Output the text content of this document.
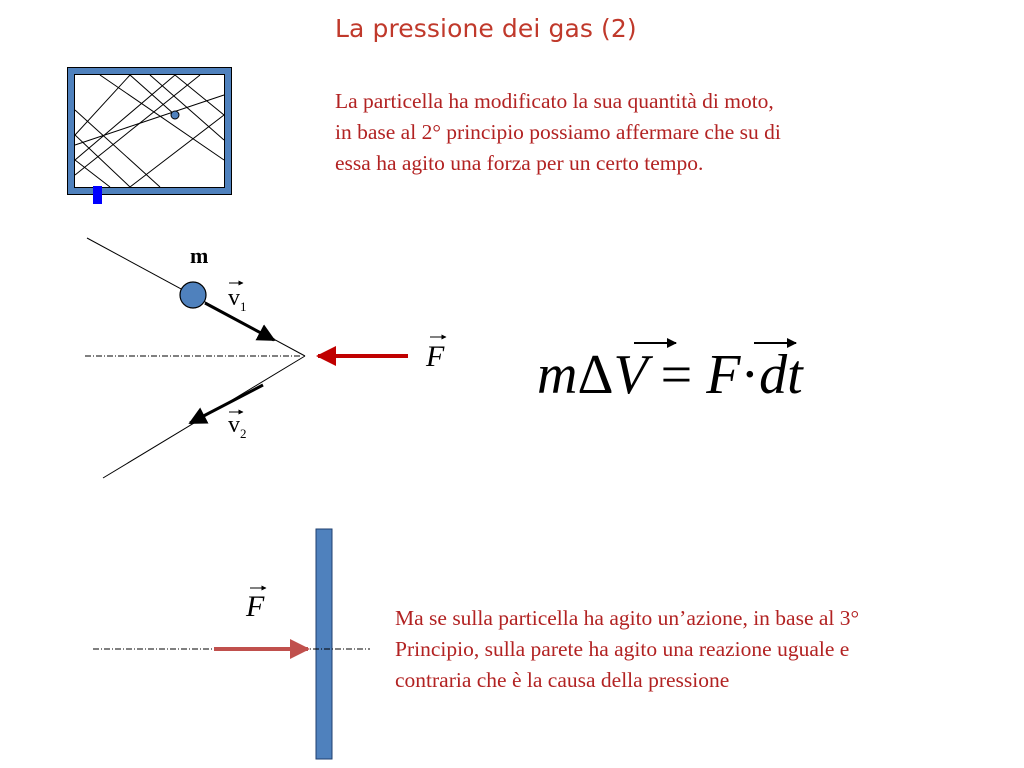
La pressione dei gas (2)
La particella ha modificato la sua quantità di moto,
in base al 2° principio possiamo affermare che su di
essa ha agito una forza per un certo tempo.
Ma se sulla particella ha agito un’azione, in base al 3°
Principio, sulla parete ha agito una reazione uguale e
contraria che è la causa della pressione
m
$v_1$
$v_2$
F
F
mΔV = F·dt
